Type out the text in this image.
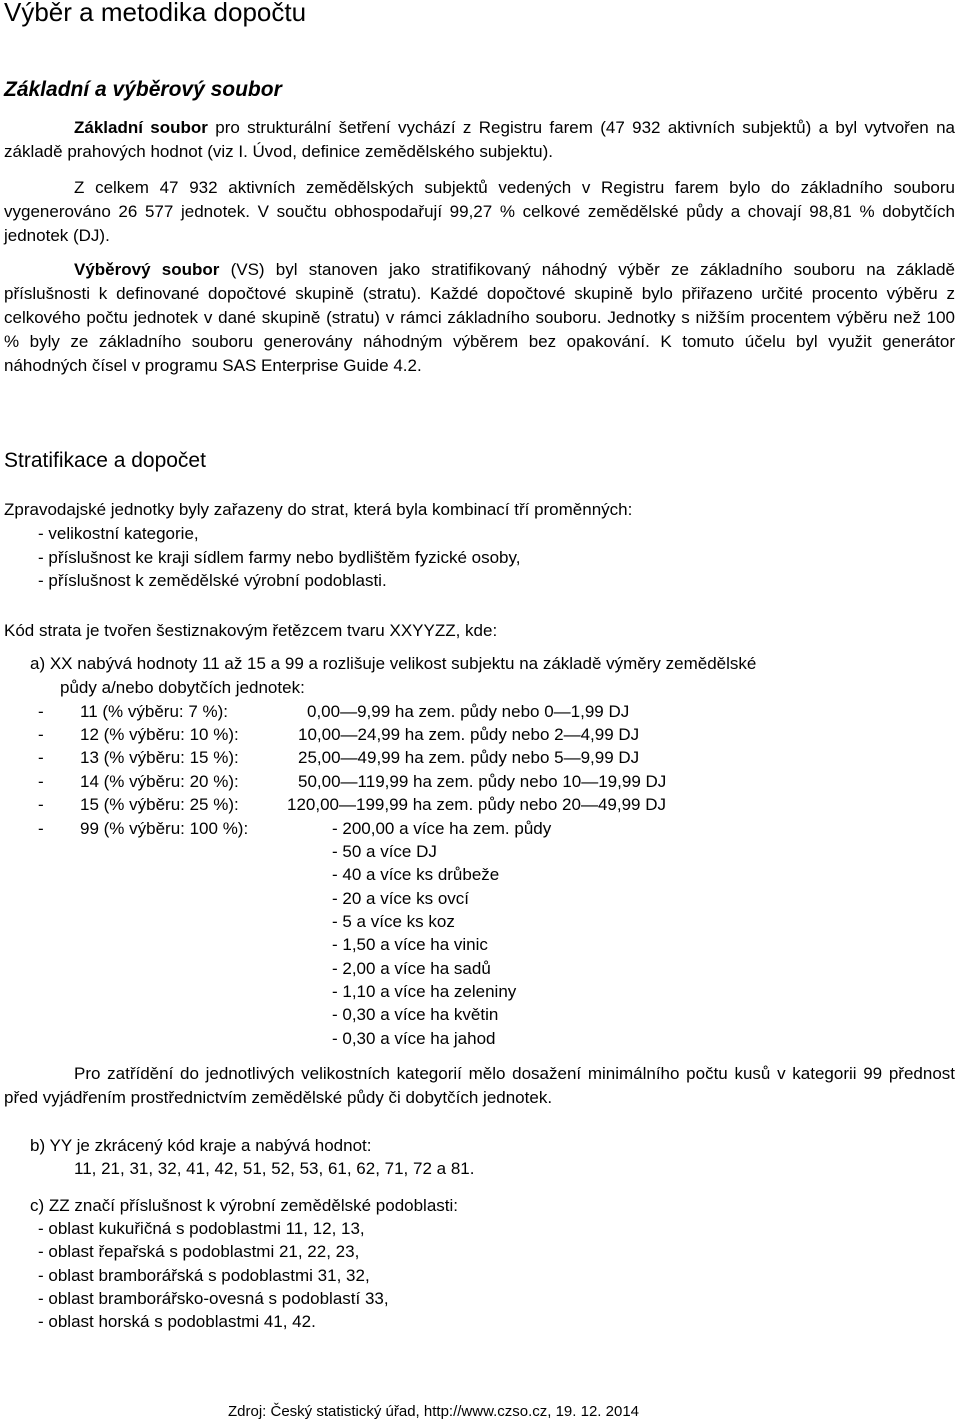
Výběr a metodika dopočtu
Základní a výběrový soubor
Základní soubor pro strukturální šetření vychází z Registru farem (47 932 aktivních subjektů) a byl vytvořen na základě prahových hodnot (viz I. Úvod, definice zemědělského subjektu).
Z celkem 47 932 aktivních zemědělských subjektů vedených v Registru farem bylo do základního souboru vygenerováno 26 577 jednotek. V součtu obhospodařují 99,27 % celkové zemědělské půdy a chovají 98,81 % dobytčích jednotek (DJ).
Výběrový soubor (VS) byl stanoven jako stratifikovaný náhodný výběr ze základního souboru na základě příslušnosti k definované dopočtové skupině (stratu). Každé dopočtové skupině bylo přiřazeno určité procento výběru z celkového počtu jednotek v dané skupině (stratu) v rámci základního souboru. Jednotky s nižším procentem výběru než 100 % byly ze základního souboru generovány náhodným výběrem bez opakování. K tomuto účelu byl využit generátor náhodných čísel v programu SAS Enterprise Guide 4.2.
Stratifikace a dopočet
Zpravodajské jednotky byly zařazeny do strat, která byla kombinací tří proměnných:
- velikostní kategorie,
- příslušnost ke kraji sídlem farmy nebo bydlištěm fyzické osoby,
- příslušnost k zemědělské výrobní podoblasti.
Kód strata je tvořen šestiznakovým řetězcem tvaru XXYYZZ, kde:
a) XX nabývá hodnoty 11 až 15 a 99 a rozlišuje velikost subjektu na základě výměry zemědělské
půdy a/nebo dobytčích jednotek:
- 11 (% výběru: 7 %):	0,00—9,99 ha zem. půdy nebo 0—1,99 DJ
- 12 (% výběru: 10 %):	10,00—24,99 ha zem. půdy nebo 2—4,99 DJ
- 13 (% výběru: 15 %):	25,00—49,99 ha zem. půdy nebo 5—9,99 DJ
- 14 (% výběru: 20 %):	50,00—119,99 ha zem. půdy nebo 10—19,99 DJ
- 15 (% výběru: 25 %):	120,00—199,99 ha zem. půdy nebo 20—49,99 DJ
- 99 (% výběru: 100 %):	- 200,00 a více ha zem. půdy
- 50 a více DJ
- 40 a více ks drůbeže
- 20 a více ks ovcí
- 5 a více ks koz
- 1,50 a více ha vinic
- 2,00 a více ha sadů
- 1,10 a více ha zeleniny
- 0,30 a více ha květin
- 0,30 a více ha jahod
Pro zatřídění do jednotlivých velikostních kategorií mělo dosažení minimálního počtu kusů v kategorii 99 přednost před vyjádřením prostřednictvím zemědělské půdy či dobytčích jednotek.
b) YY je zkrácený kód kraje a nabývá hodnot:
11, 21, 31, 32, 41, 42, 51, 52, 53, 61, 62, 71, 72 a 81.
c) ZZ značí příslušnost k výrobní zemědělské podoblasti:
- oblast kukuřičná s podoblastmi 11, 12, 13,
- oblast řepařská s podoblastmi 21, 22, 23,
- oblast bramborářská s podoblastmi 31, 32,
- oblast bramborářsko-ovesná s podoblastí 33,
- oblast horská s podoblastmi 41, 42.
Zdroj: Český statistický úřad, http://www.czso.cz, 19. 12. 2014
